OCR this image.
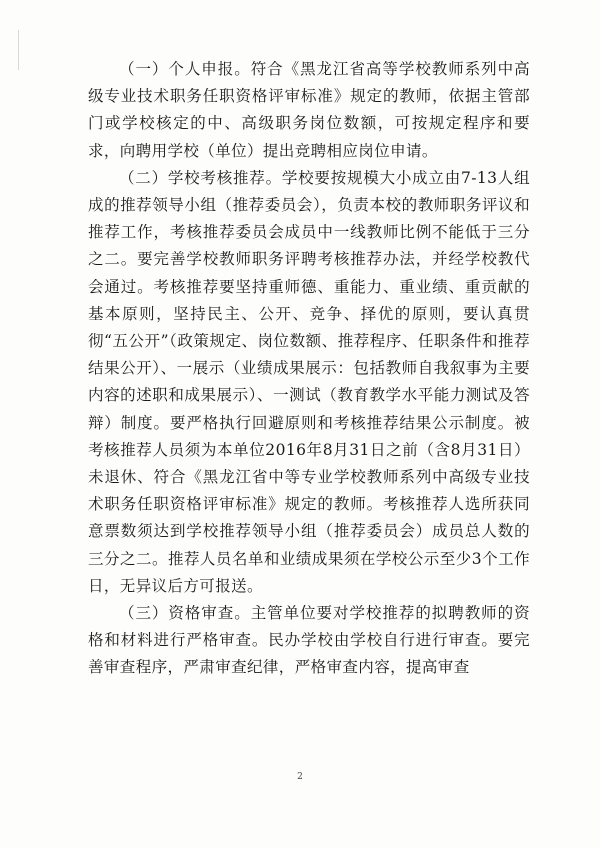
（一）个人申报。符合《黑龙江省高等学校教师系列中高级专业技术职务任职资格评审标准》规定的教师，依据主管部门或学校核定的中、高级职务岗位数额，可按规定程序和要求，向聘用学校（单位）提出竞聘相应岗位申请。

（二）学校考核推荐。学校要按规模大小成立由7-13人组成的推荐领导小组（推荐委员会），负责本校的教师职务评议和推荐工作，考核推荐委员会成员中一线教师比例不能低于三分之二。要完善学校教师职务评聘考核推荐办法，并经学校教代会通过。考核推荐要坚持重师德、重能力、重业绩、重贡献的基本原则，坚持民主、公开、竞争、择优的原则，要认真贯彻“五公开”（政策规定、岗位数额、推荐程序、任职条件和推荐结果公开）、一展示（业绩成果展示：包括教师自我叙事为主要内容的述职和成果展示）、一测试（教育教学水平能力测试及答辩）制度。要严格执行回避原则和考核推荐结果公示制度。被考核推荐人员须为本单位2016年8月31日之前（含8月31日）未退休、符合《黑龙江省中等专业学校教师系列中高级专业技术职务任职资格评审标准》规定的教师。考核推荐人选所获同意票数须达到学校推荐领导小组（推荐委员会）成员总人数的三分之二。推荐人员名单和业绩成果须在学校公示至少3个工作日，无异议后方可报送。

（三）资格审查。主管单位要对学校推荐的拟聘教师的资格和材料进行严格审查。民办学校由学校自行进行审查。要完善审查程序，严肃审查纪律，严格审查内容，提高审查

2
